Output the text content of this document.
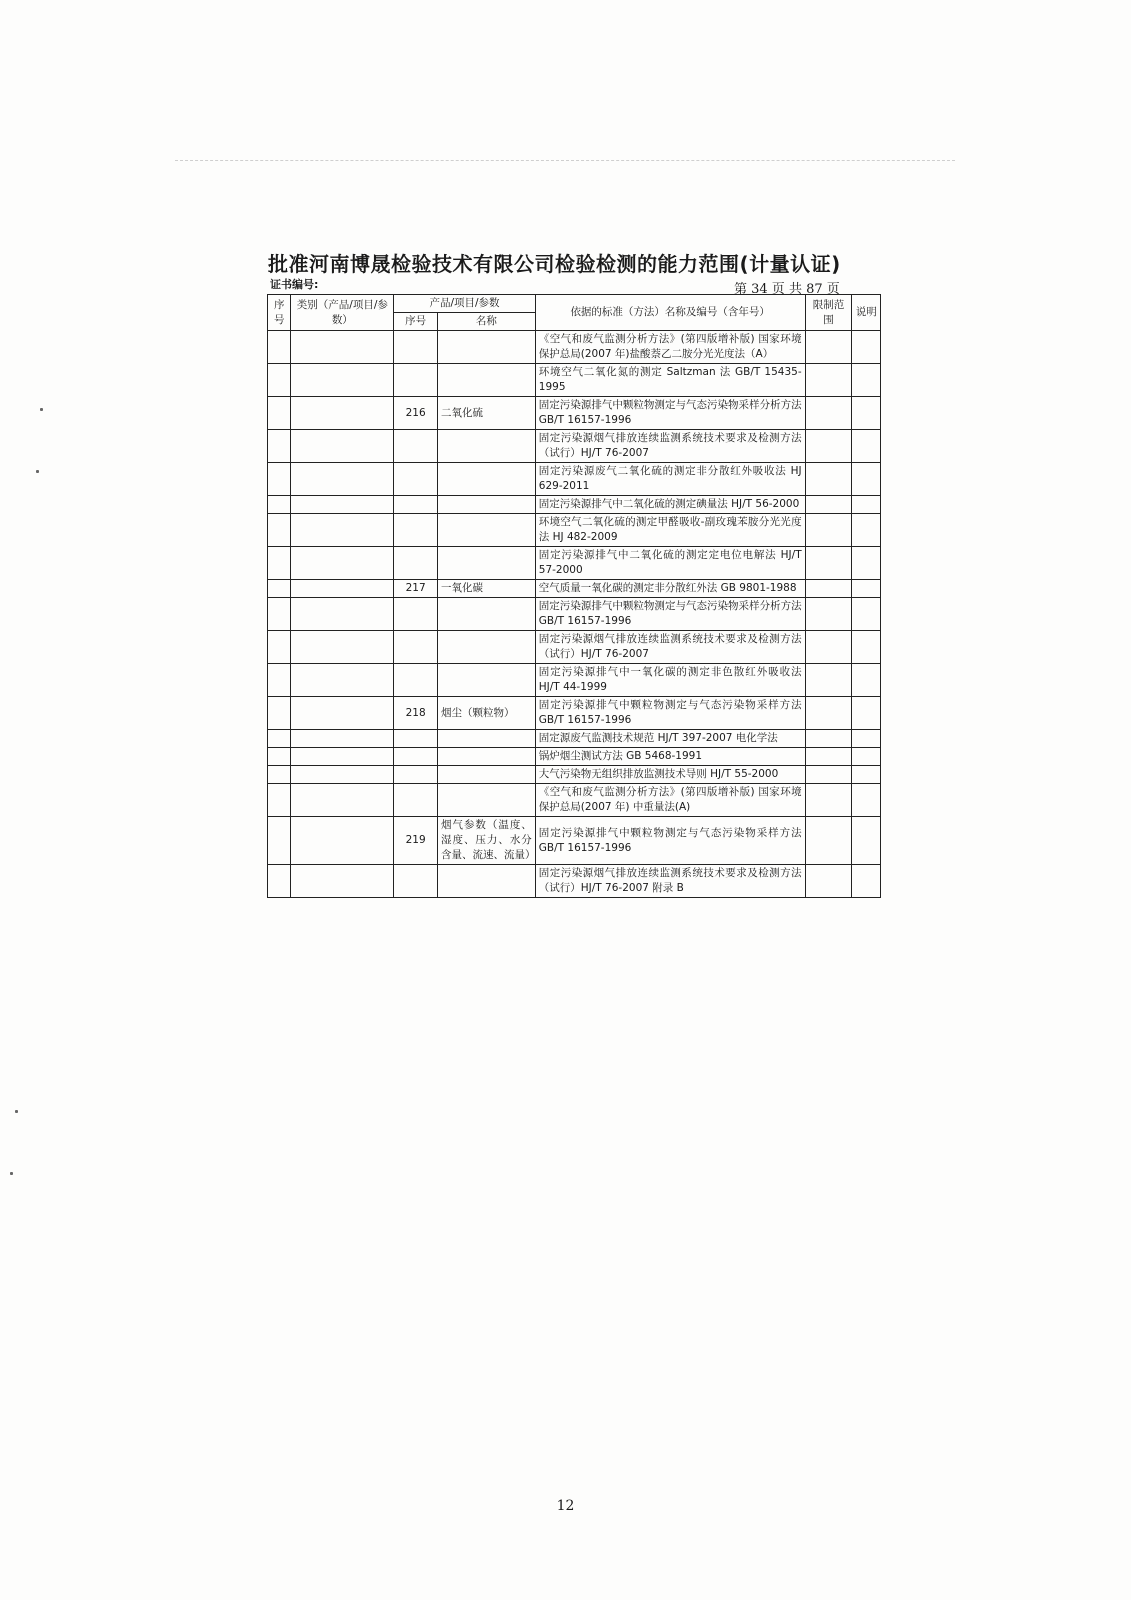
批准河南博晟检验技术有限公司检验检测的能力范围(计量认证)
证书编号:	第 34 页 共 87 页
序号	类别（产品/项目/参数）	产品/项目/参数		依据的标准（方法）名称及编号（含年号）	限制范围	说明
		序号	名称			
				《空气和废气监测分析方法》(第四版增补版) 国家环境保护总局(2007 年)盐酸萘乙二胺分光光度法（A）		
				环境空气二氧化氮的测定 Saltzman 法 GB/T 15435-1995		
		216	二氧化硫	固定污染源排气中颗粒物测定与气态污染物采样分析方法 GB/T 16157-1996		
				固定污染源烟气排放连续监测系统技术要求及检测方法（试行）HJ/T 76-2007		
				固定污染源废气二氧化硫的测定非分散红外吸收法 HJ 629-2011		
				固定污染源排气中二氧化硫的测定碘量法 HJ/T 56-2000		
				环境空气二氧化硫的测定甲醛吸收-副玫瑰苯胺分光光度法 HJ 482-2009		
				固定污染源排气中二氧化硫的测定定电位电解法 HJ/T 57-2000		
		217	一氧化碳	空气质量一氧化碳的测定非分散红外法 GB 9801-1988		
				固定污染源排气中颗粒物测定与气态污染物采样分析方法 GB/T 16157-1996		
				固定污染源烟气排放连续监测系统技术要求及检测方法（试行）HJ/T 76-2007		
				固定污染源排气中一氧化碳的测定非色散红外吸收法 HJ/T 44-1999		
		218	烟尘（颗粒物）	固定污染源排气中颗粒物测定与气态污染物采样方法 GB/T 16157-1996		
				固定源废气监测技术规范 HJ/T 397-2007 电化学法		
				锅炉烟尘测试方法 GB 5468-1991		
				大气污染物无组织排放监测技术导则 HJ/T 55-2000		
				《空气和废气监测分析方法》(第四版增补版) 国家环境保护总局(2007 年) 中重量法(A)		
		219	烟气参数（温度、湿度、压力、水分含量、流速、流量）	固定污染源排气中颗粒物测定与气态污染物采样方法 GB/T 16157-1996		
				固定污染源烟气排放连续监测系统技术要求及检测方法（试行）HJ/T 76-2007 附录 B		
12
